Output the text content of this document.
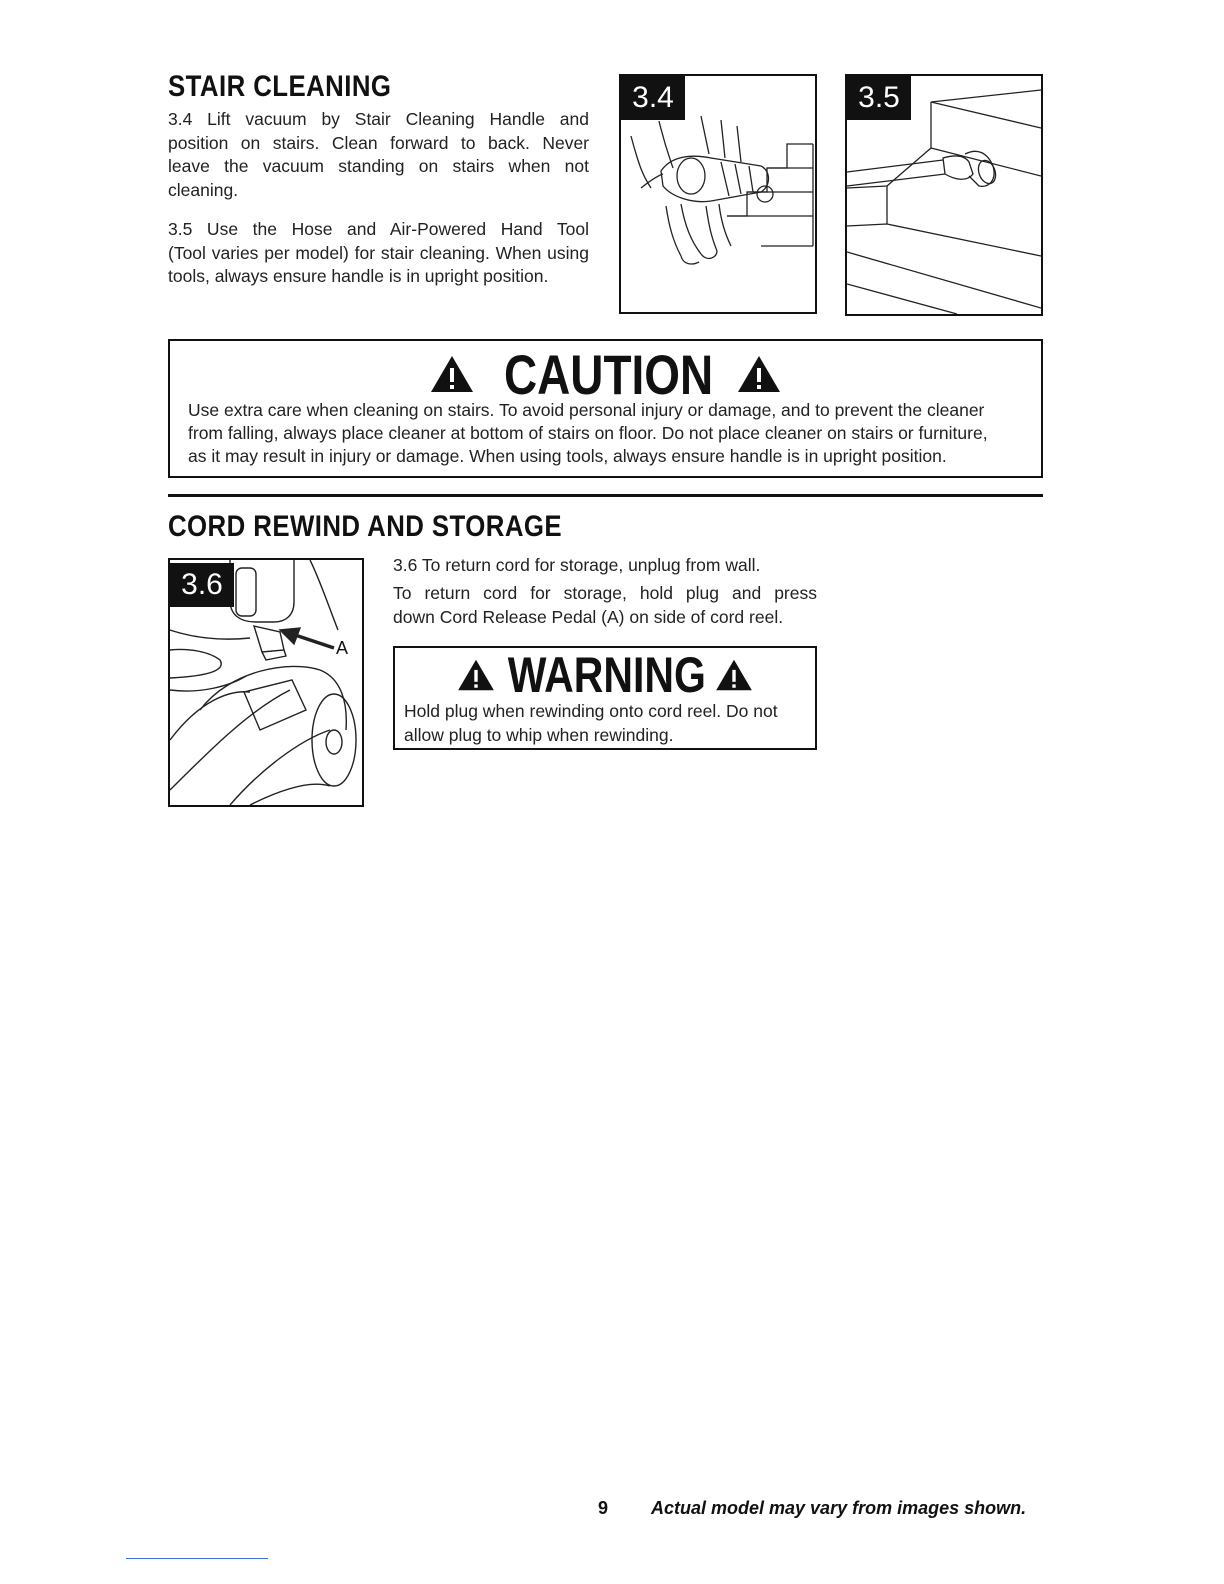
STAIR CLEANING
3.4 Lift vacuum by Stair Cleaning Handle and
position on stairs. Clean forward to back. Never
leave the vacuum standing on stairs when not
cleaning.
3.5 Use the Hose and Air-Powered Hand Tool
(Tool varies per model) for stair cleaning. When using
tools, always ensure handle is in upright position.
3.4	3.5
CAUTION
Use extra care when cleaning on stairs. To avoid personal injury or damage, and to prevent the cleaner
from falling, always place cleaner at bottom of stairs on floor. Do not place cleaner on stairs or furniture,
as it may result in injury or damage. When using tools, always ensure handle is in upright position.
CORD REWIND AND STORAGE
3.6
A
3.6 To return cord for storage, unplug from wall.
To return cord for storage, hold plug and press
down Cord Release Pedal (A) on side of cord reel.
WARNING
Hold plug when rewinding onto cord reel. Do not
allow plug to whip when rewinding.
9 Actual model may vary from images shown.
